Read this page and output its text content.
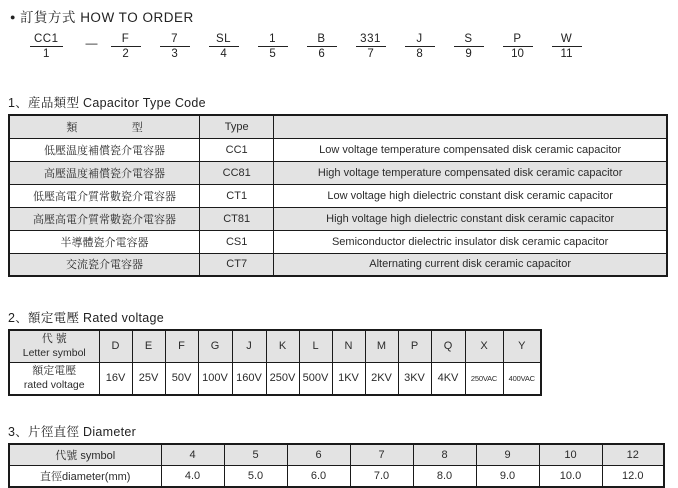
● 訂貨方式 HOW TO ORDER
$\frac{CC1}{1}$ — $\frac{F}{2} \frac{7}{3} \frac{SL}{4} \frac{1}{5} \frac{B}{6} \frac{331}{7} \frac{J}{8} \frac{S}{9} \frac{P}{10} \frac{W}{11}$
1、産品類型 Capacitor Type Code
類 型	Type	
低壓温度補償瓷介電容器	CC1	Low voltage temperature compensated disk ceramic capacitor
高壓温度補償瓷介電容器	CC81	High voltage temperature compensated disk ceramic capacitor
低壓高電介質常數瓷介電容器	CT1	Low voltage high dielectric constant disk ceramic capacitor
高壓高電介質常數瓷介電容器	CT81	High voltage high dielectric constant disk ceramic capacitor
半導體瓷介電容器	CS1	Semiconductor dielectric insulator disk ceramic capacitor
交流瓷介電容器	CT7	Alternating current disk ceramic capacitor
2、額定電壓 Rated voltage
代 號
Letter symbol	D	E	F	G	J	K	L	N	M	P	Q	X	Y

額定電壓
rated voltage	16V	25V	50V	100V	160V	250V	500V	1KV	2KV	3KV	4KV	250VAC	400VAC
3、片徑直徑 Diameter
代號 symbol	4	5	6	7	8	9	10	12
直徑diameter(mm)	4.0	5.0	6.0	7.0	8.0	9.0	10.0	12.0
